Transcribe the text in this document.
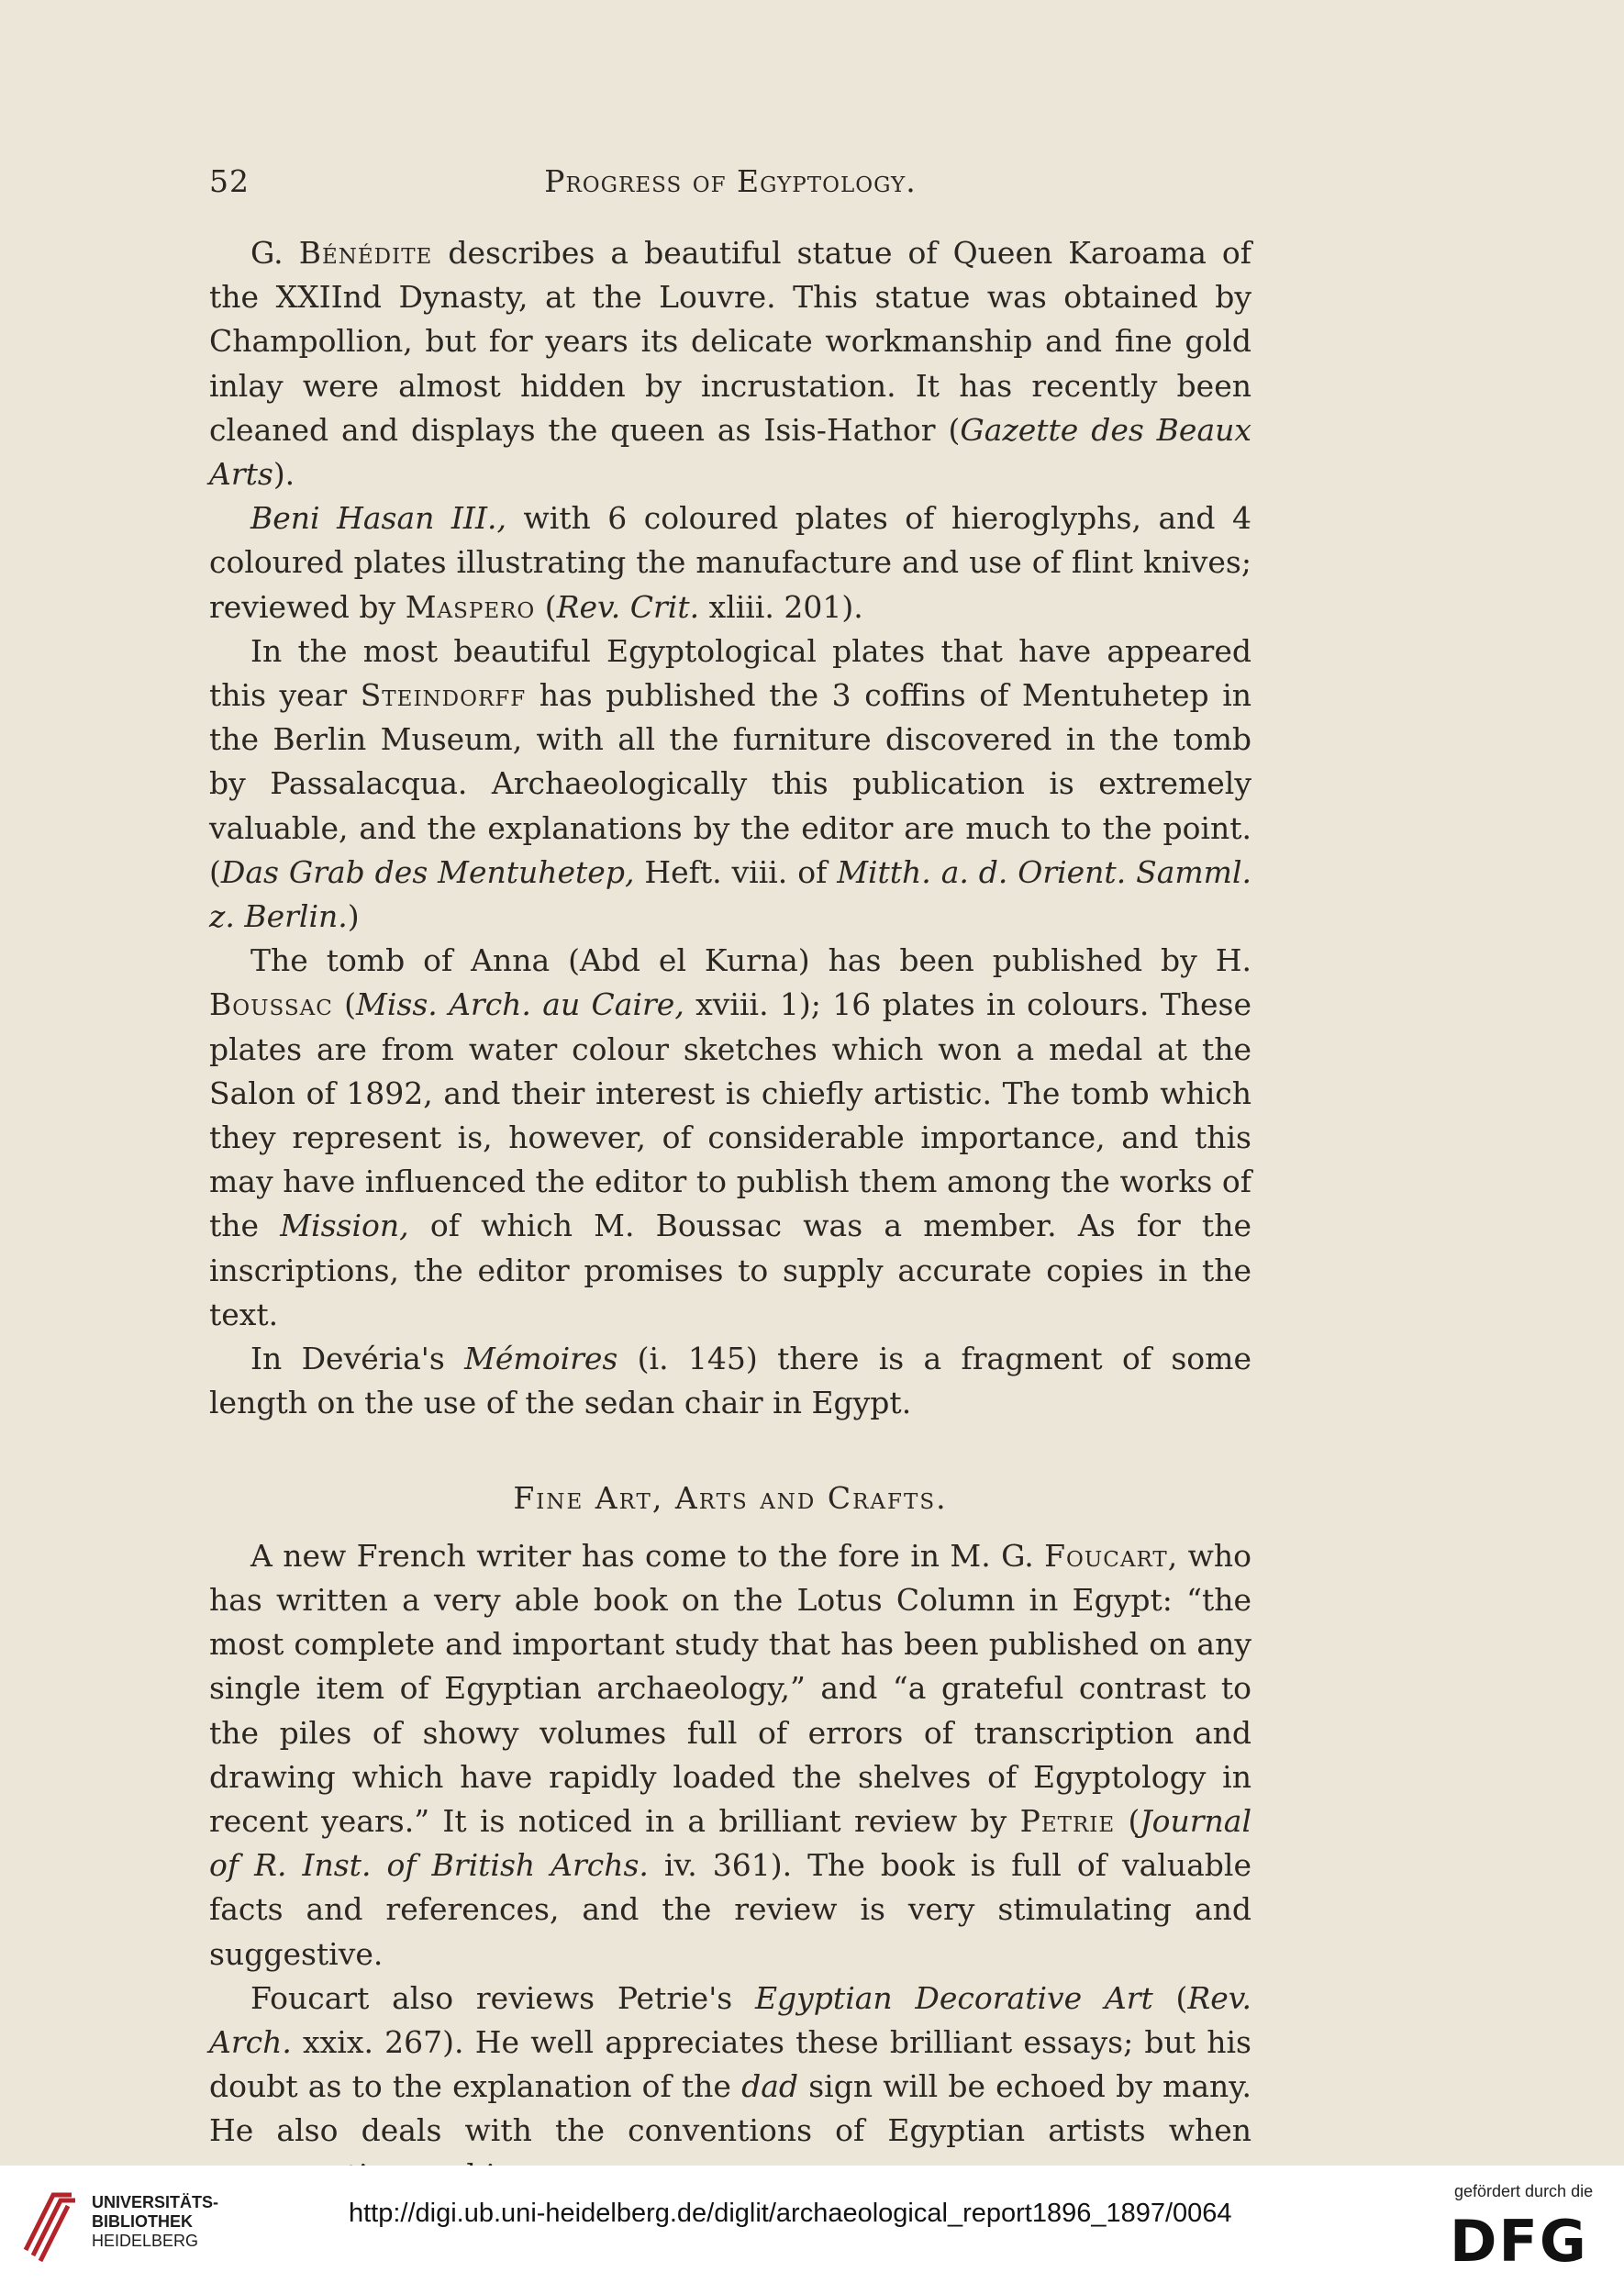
52	Progress of Egyptology.

G. Bénédite describes a beautiful statue of Queen Karoama of the XXIInd Dynasty, at the Louvre. This statue was obtained by Champollion, but for years its delicate workmanship and fine gold inlay were almost hidden by incrustation. It has recently been cleaned and displays the queen as Isis-Hathor (Gazette des Beaux Arts).

Beni Hasan III., with 6 coloured plates of hieroglyphs, and 4 coloured plates illustrating the manufacture and use of flint knives; reviewed by Maspero (Rev. Crit. xliii. 201).

In the most beautiful Egyptological plates that have appeared this year Steindorff has published the 3 coffins of Mentuhetep in the Berlin Museum, with all the furniture discovered in the tomb by Passalacqua. Archaeologically this publication is extremely valuable, and the explanations by the editor are much to the point. (Das Grab des Mentuhetep, Heft. viii. of Mitth. a. d. Orient. Samml. z. Berlin.)

The tomb of Anna (Abd el Kurna) has been published by H. Boussac (Miss. Arch. au Caire, xviii. 1); 16 plates in colours. These plates are from water colour sketches which won a medal at the Salon of 1892, and their interest is chiefly artistic. The tomb which they represent is, however, of considerable importance, and this may have influenced the editor to publish them among the works of the Mission, of which M. Boussac was a member. As for the inscriptions, the editor promises to supply accurate copies in the text.

In Devéria's Mémoires (i. 145) there is a fragment of some length on the use of the sedan chair in Egypt.

Fine Art, Arts and Crafts.

A new French writer has come to the fore in M. G. Foucart, who has written a very able book on the Lotus Column in Egypt: “the most complete and important study that has been published on any single item of Egyptian archaeology,” and “a grateful contrast to the piles of showy volumes full of errors of transcription and drawing which have rapidly loaded the shelves of Egyptology in recent years.” It is noticed in a brilliant review by Petrie (Journal of R. Inst. of British Archs. iv. 361). The book is full of valuable facts and references, and the review is very stimulating and suggestive.

Foucart also reviews Petrie's Egyptian Decorative Art (Rev. Arch. xxix. 267). He well appreciates these brilliant essays; but his doubt as to the explanation of the dad sign will be echoed by many. He also deals with the conventions of Egyptian artists when

UNIVERSITÄTS-
BIBLIOTHEK
HEIDELBERG
http://digi.ub.uni-heidelberg.de/diglit/archaeological_report1896_1897/0064
gefördert durch die
DFG
